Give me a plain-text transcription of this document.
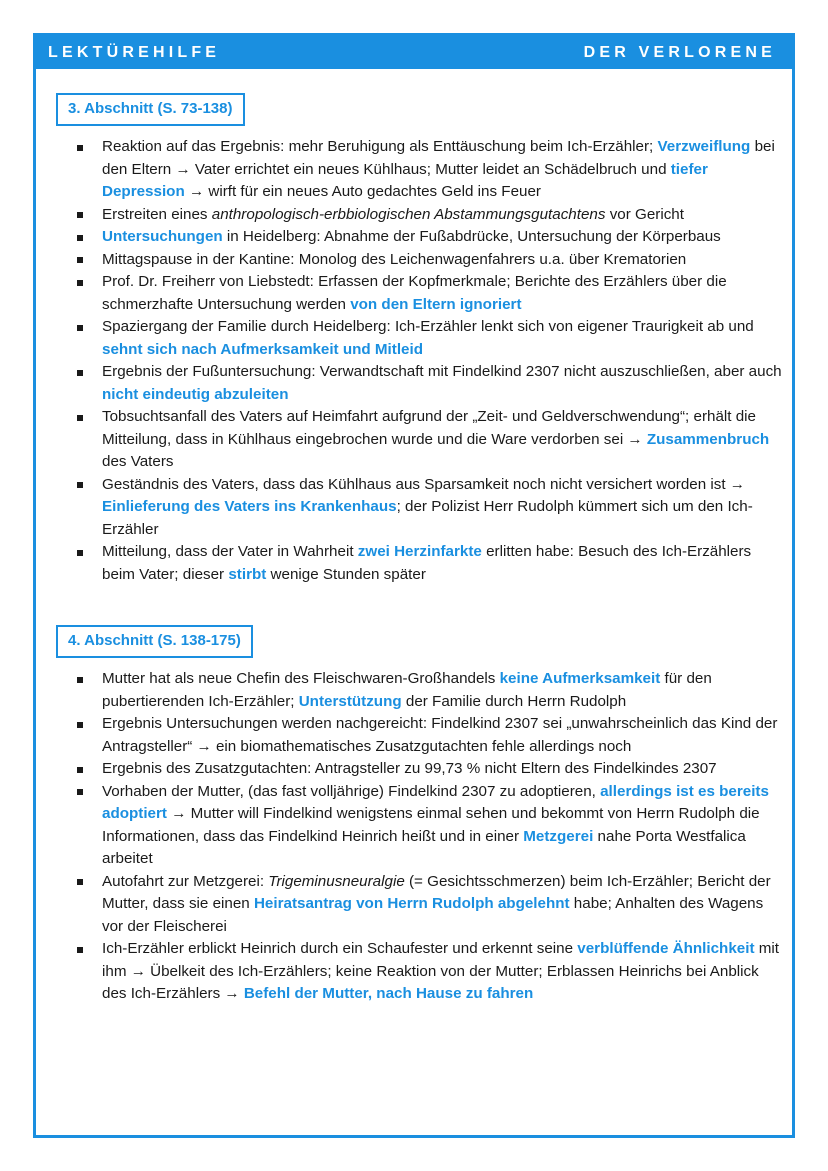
LEKTÜREHILFE	DER VERLORENE
3. Abschnitt (S. 73-138)
Reaktion auf das Ergebnis: mehr Beruhigung als Enttäuschung beim Ich-Erzähler; Verzweiflung bei den Eltern → Vater errichtet ein neues Kühlhaus; Mutter leidet an Schädelbruch und tiefer Depression → wirft für ein neues Auto gedachtes Geld ins Feuer
Erstreiten eines anthropologisch-erbbiologischen Abstammungsgutachtens vor Gericht
Untersuchungen in Heidelberg: Abnahme der Fußabdrücke, Untersuchung der Körperbaus
Mittagspause in der Kantine: Monolog des Leichenwagenfahrers u.a. über Krematorien
Prof. Dr. Freiherr von Liebstedt: Erfassen der Kopfmerkmale; Berichte des Erzählers über die schmerzhafte Untersuchung werden von den Eltern ignoriert
Spaziergang der Familie durch Heidelberg: Ich-Erzähler lenkt sich von eigener Traurigkeit ab und sehnt sich nach Aufmerksamkeit und Mitleid
Ergebnis der Fußuntersuchung: Verwandtschaft mit Findelkind 2307 nicht auszuschließen, aber auch nicht eindeutig abzuleiten
Tobsuchtsanfall des Vaters auf Heimfahrt aufgrund der „Zeit- und Geldverschwendung“; erhält die Mitteilung, dass in Kühlhaus eingebrochen wurde und die Ware verdorben sei → Zusammenbruch des Vaters
Geständnis des Vaters, dass das Kühlhaus aus Sparsamkeit noch nicht versichert worden ist → Einlieferung des Vaters ins Krankenhaus; der Polizist Herr Rudolph kümmert sich um den Ich-Erzähler
Mitteilung, dass der Vater in Wahrheit zwei Herzinfarkte erlitten habe: Besuch des Ich-Erzählers beim Vater; dieser stirbt wenige Stunden später
4. Abschnitt (S. 138-175)
Mutter hat als neue Chefin des Fleischwaren-Großhandels keine Aufmerksamkeit für den pubertierenden Ich-Erzähler; Unterstützung der Familie durch Herrn Rudolph
Ergebnis Untersuchungen werden nachgereicht: Findelkind 2307 sei „unwahrscheinlich das Kind der Antragsteller“ → ein biomathematisches Zusatzgutachten fehle allerdings noch
Ergebnis des Zusatzgutachten: Antragsteller zu 99,73 % nicht Eltern des Findelkindes 2307
Vorhaben der Mutter, (das fast volljährige) Findelkind 2307 zu adoptieren, allerdings ist es bereits adoptiert → Mutter will Findelkind wenigstens einmal sehen und bekommt von Herrn Rudolph die Informationen, dass das Findelkind Heinrich heißt und in einer Metzgerei nahe Porta Westfalica arbeitet
Autofahrt zur Metzgerei: Trigeminusneuralgie (= Gesichtsschmerzen) beim Ich-Erzähler; Bericht der Mutter, dass sie einen Heiratsantrag von Herrn Rudolph abgelehnt habe; Anhalten des Wagens vor der Fleischerei
Ich-Erzähler erblickt Heinrich durch ein Schaufester und erkennt seine verblüffende Ähnlichkeit mit ihm → Übelkeit des Ich-Erzählers; keine Reaktion von der Mutter; Erblassen Heinrichs bei Anblick des Ich-Erzählers → Befehl der Mutter, nach Hause zu fahren
